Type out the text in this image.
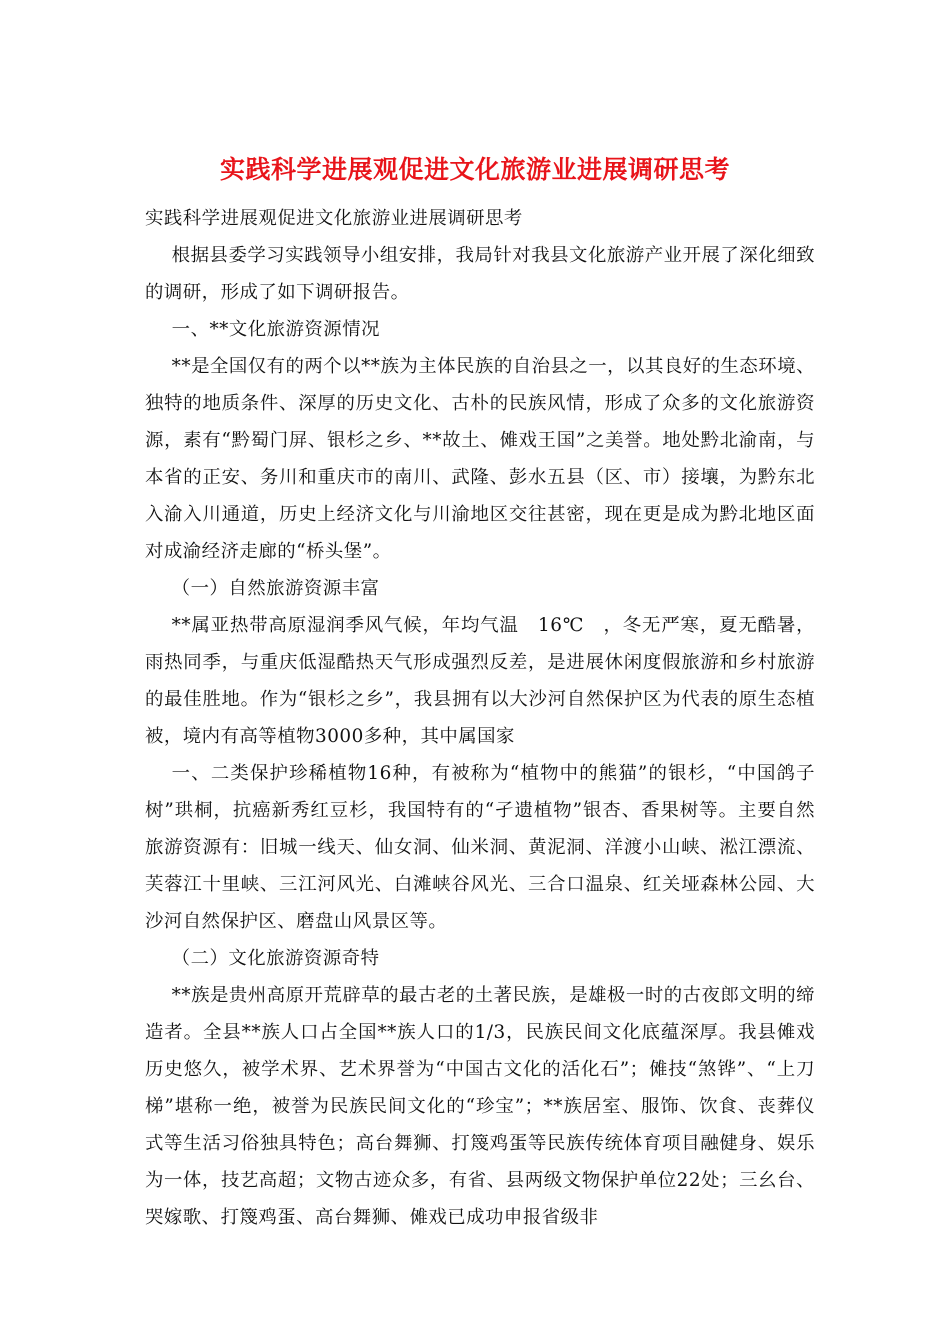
实践科学进展观促进文化旅游业进展调研思考

实践科学进展观促进文化旅游业进展调研思考

根据县委学习实践领导小组安排，我局针对我县文化旅游产业开展了深化细致的调研，形成了如下调研报告。

一、**文化旅游资源情况

**是全国仅有的两个以**族为主体民族的自治县之一，以其良好的生态环境、独特的地质条件、深厚的历史文化、古朴的民族风情，形成了众多的文化旅游资源，素有“黔蜀门屏、银杉之乡、**故土、傩戏王国”之美誉。地处黔北渝南，与本省的正安、务川和重庆市的南川、武隆、彭水五县（区、市）接壤，为黔东北入渝入川通道，历史上经济文化与川渝地区交往甚密，现在更是成为黔北地区面对成渝经济走廊的“桥头堡”。

（一）自然旅游资源丰富

**属亚热带高原湿润季风气候，年均气温　16℃　，冬无严寒，夏无酷暑，雨热同季，与重庆低湿酷热天气形成强烈反差，是进展休闲度假旅游和乡村旅游的最佳胜地。作为“银杉之乡”，我县拥有以大沙河自然保护区为代表的原生态植被，境内有高等植物3000多种，其中属国家

一、二类保护珍稀植物16种，有被称为“植物中的熊猫”的银杉，“中国鸽子树”珙桐，抗癌新秀红豆杉，我国特有的“孑遗植物”银杏、香果树等。主要自然旅游资源有：旧城一线天、仙女洞、仙米洞、黄泥洞、洋渡小山峡、淞江漂流、芙蓉江十里峡、三江河风光、白滩峡谷风光、三合口温泉、红关垭森林公园、大沙河自然保护区、磨盘山风景区等。

（二）文化旅游资源奇特

**族是贵州高原开荒辟草的最古老的土著民族，是雄极一时的古夜郎文明的缔造者。全县**族人口占全国**族人口的1/3，民族民间文化底蕴深厚。我县傩戏历史悠久，被学术界、艺术界誉为“中国古文化的活化石”；傩技“煞铧”、“上刀梯”堪称一绝，被誉为民族民间文化的“珍宝”；**族居室、服饰、饮食、丧葬仪式等生活习俗独具特色；高台舞狮、打篾鸡蛋等民族传统体育项目融健身、娱乐为一体，技艺高超；文物古迹众多，有省、县两级文物保护单位22处；三幺台、哭嫁歌、打篾鸡蛋、高台舞狮、傩戏已成功申报省级非
